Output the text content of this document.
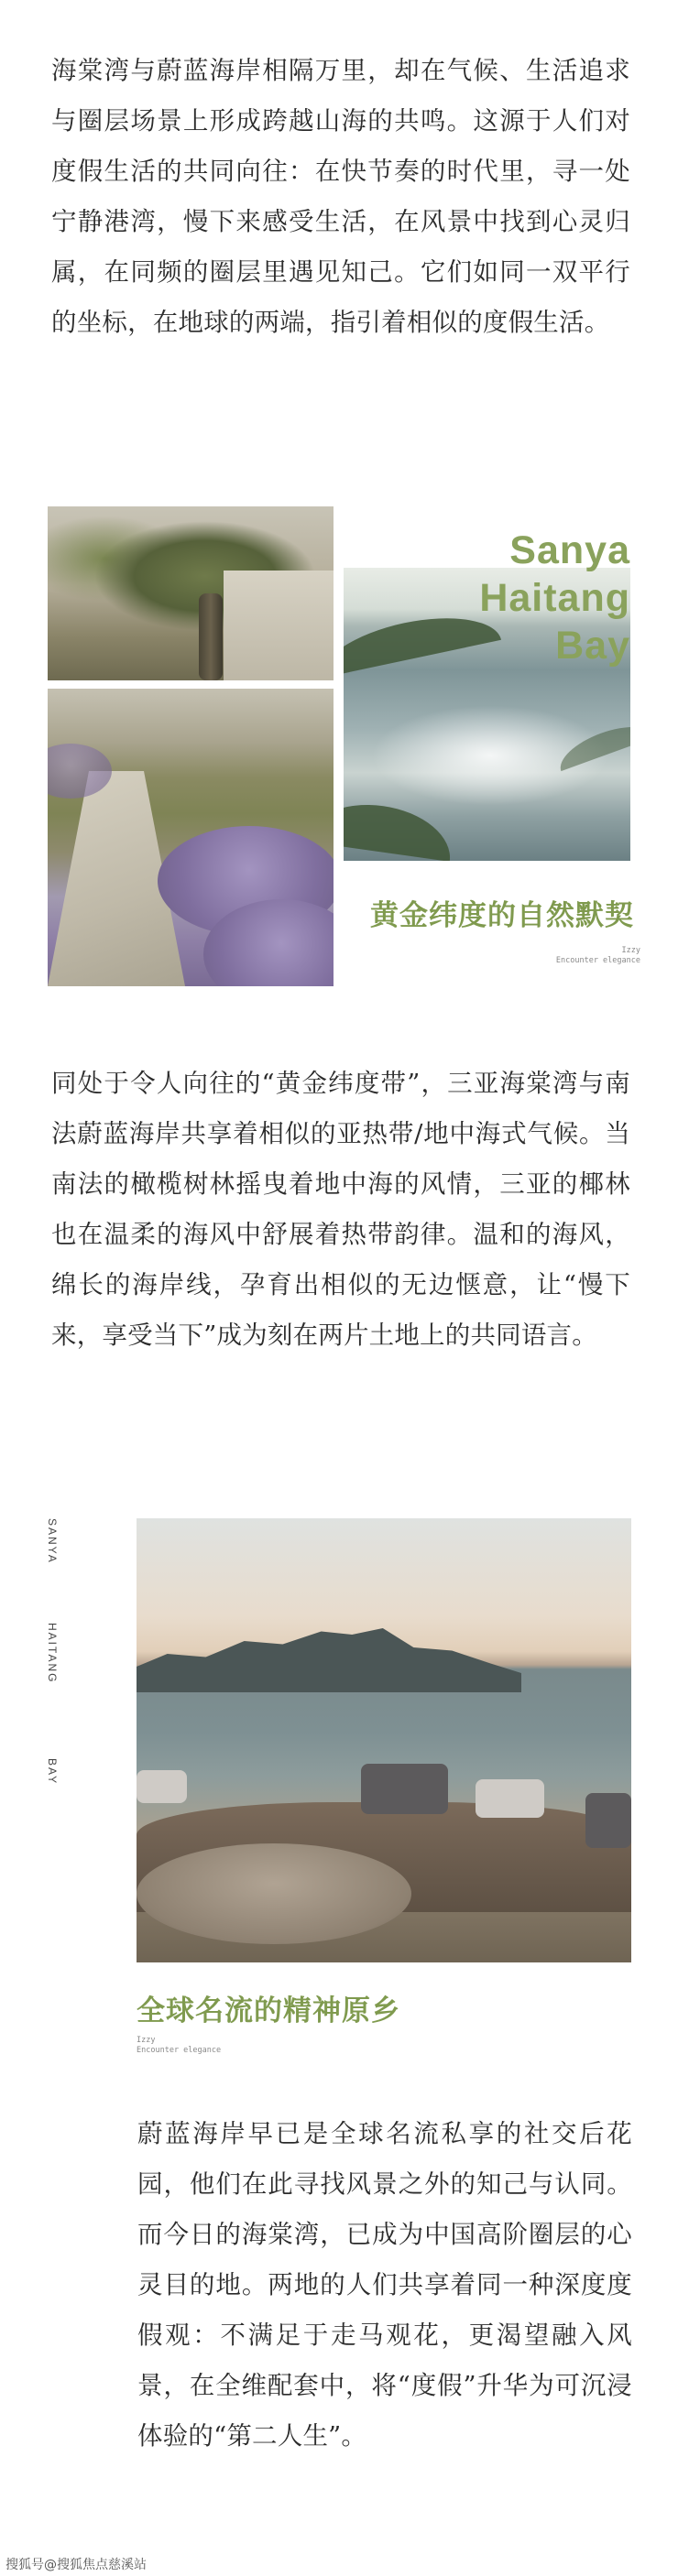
海棠湾与蔚蓝海岸相隔万里，却在气候、生活追求与圈层场景上形成跨越山海的共鸣。这源于人们对度假生活的共同向往：在快节奏的时代里，寻一处宁静港湾，慢下来感受生活，在风景中找到心灵归属，在同频的圈层里遇见知己。它们如同一双平行的坐标，在地球的两端，指引着相似的度假生活。

Sanya
Haitang
Bay

黄金纬度的自然默契

Izzy
Encounter elegance

同处于令人向往的“黄金纬度带”，三亚海棠湾与南法蔚蓝海岸共享着相似的亚热带/地中海式气候。当南法的橄榄树林摇曳着地中海的风情，三亚的椰林也在温柔的海风中舒展着热带韵律。温和的海风，绵长的海岸线，孕育出相似的无边惬意，让“慢下来，享受当下”成为刻在两片土地上的共同语言。

SANYA
HAITANG
BAY
全球名流的精神原乡

Izzy
Encounter elegance

蔚蓝海岸早已是全球名流私享的社交后花园，他们在此寻找风景之外的知己与认同。而今日的海棠湾，已成为中国高阶圈层的心灵目的地。两地的人们共享着同一种深度度假观：不满足于走马观花，更渴望融入风景，在全维配套中，将“度假”升华为可沉浸体验的“第二人生”。

搜狐号@搜狐焦点慈溪站
